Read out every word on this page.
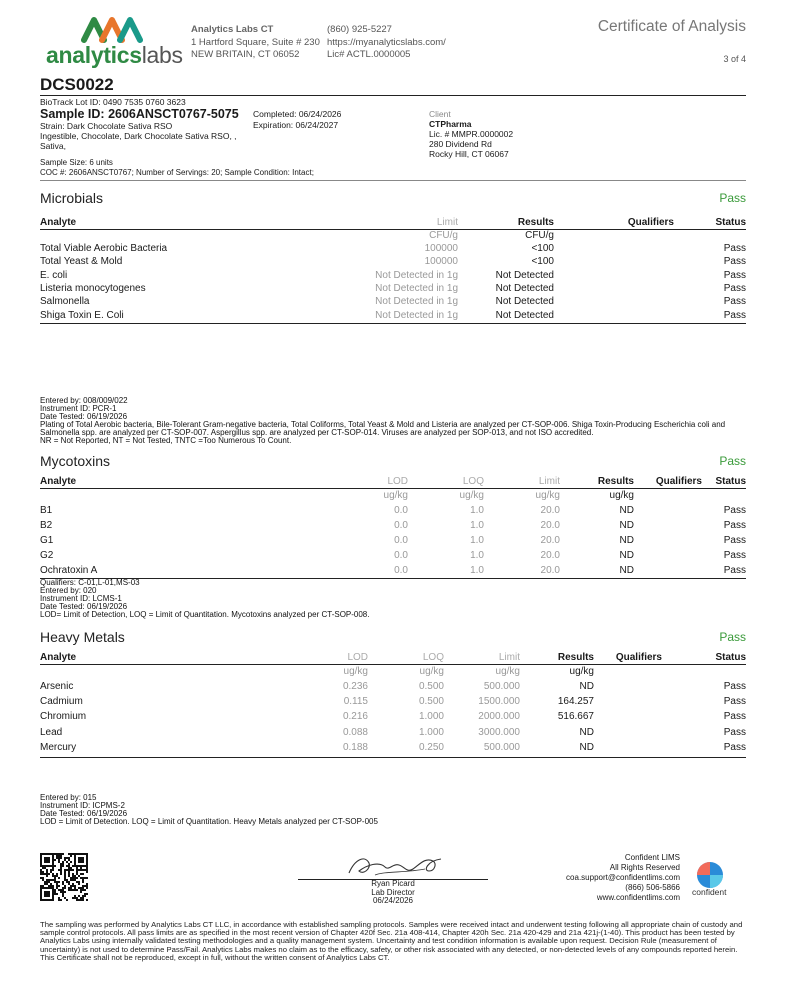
analyticslabs
Analytics Labs CT
1 Hartford Square, Suite # 230
NEW BRITAIN, CT 06052
(860) 925-5227
https://myanalyticslabs.com/
Lic# ACTL.0000005
Certificate of Analysis
3 of 4
DCS0022
BioTrack Lot ID: 0490 7535 0760 3623
Sample ID: 2606ANSCT0767-5075
Strain: Dark Chocolate Sativa RSO
Ingestible, Chocolate, Dark Chocolate Sativa RSO, ,
Sativa,
Completed: 06/24/2026
Expiration: 06/24/2027
Client
CTPharma
Lic. # MMPR.0000002
280 Dividend Rd
Rocky Hill, CT 06067
Sample Size: 6 units
COC #: 2606ANSCT0767; Number of Servings: 20; Sample Condition: Intact;
Microbials	Pass
Analyte	Limit	Results	Qualifiers	Status
	CFU/g	CFU/g		
Total Viable Aerobic Bacteria	100000	<100		Pass
Total Yeast & Mold	100000	<100		Pass
E. coli	Not Detected in 1g	Not Detected		Pass
Listeria monocytogenes	Not Detected in 1g	Not Detected		Pass
Salmonella	Not Detected in 1g	Not Detected		Pass
Shiga Toxin E. Coli	Not Detected in 1g	Not Detected		Pass
Entered by: 008/009/022
Instrument ID: PCR-1
Date Tested: 06/19/2026
Plating of Total Aerobic bacteria, Bile-Tolerant Gram-negative bacteria, Total Coliforms, Total Yeast & Mold and Listeria are analyzed per CT-SOP-006. Shiga Toxin-Producing Escherichia coli and Salmonella spp. are analyzed per CT-SOP-007. Aspergillus spp. are analyzed per CT-SOP-014. Viruses are analyzed per SOP-013, and not ISO accredited.
NR = Not Reported, NT = Not Tested, TNTC =Too Numerous To Count.
Mycotoxins	Pass
Analyte	LOD	LOQ	Limit	Results	Qualifiers	Status
	ug/kg	ug/kg	ug/kg	ug/kg		
B1	0.0	1.0	20.0	ND		Pass
B2	0.0	1.0	20.0	ND		Pass
G1	0.0	1.0	20.0	ND		Pass
G2	0.0	1.0	20.0	ND		Pass
Ochratoxin A	0.0	1.0	20.0	ND		Pass
Qualifiers: C-01,L-01,MS-03
Entered by: 020
Instrument ID: LCMS-1
Date Tested: 06/19/2026
LOD= Limit of Detection, LOQ = Limit of Quantitation. Mycotoxins analyzed per CT-SOP-008.
Heavy Metals	Pass
Analyte	LOD	LOQ	Limit	Results	Qualifiers	Status
	ug/kg	ug/kg	ug/kg	ug/kg		
Arsenic	0.236	0.500	500.000	ND		Pass
Cadmium	0.115	0.500	1500.000	164.257		Pass
Chromium	0.216	1.000	2000.000	516.667		Pass
Lead	0.088	1.000	3000.000	ND		Pass
Mercury	0.188	0.250	500.000	ND		Pass
Entered by: 015
Instrument ID: ICPMS-2
Date Tested: 06/19/2026
LOD = Limit of Detection. LOQ = Limit of Quantitation. Heavy Metals analyzed per CT-SOP-005
Ryan Picard
Lab Director
06/24/2026
Confident LIMS
All Rights Reserved
coa.support@confidentlims.com
(866) 506-5866
www.confidentlims.com
confident
The sampling was performed by Analytics Labs CT LLC, in accordance with established sampling protocols. Samples were received intact and underwent testing following all appropriate chain of custody and sample control protocols. All pass limits are as specified in the most recent version of Chapter 420f Sec. 21a 408-414, Chapter 420h Sec. 21a 420-429 and 21a 421j-(1-40). This product has been tested by Analytics Labs using internally validated testing methodologies and a quality management system. Uncertainty and test condition information is available upon request. Decision Rule (measurement of uncertainty) is not used to determine Pass/Fail. Analytics Labs makes no claim as to the efficacy, safety, or other risk associated with any detected, or non-detected levels of any compounds reported herein. This Certificate shall not be reproduced, except in full, without the written consent of Analytics Labs CT.
